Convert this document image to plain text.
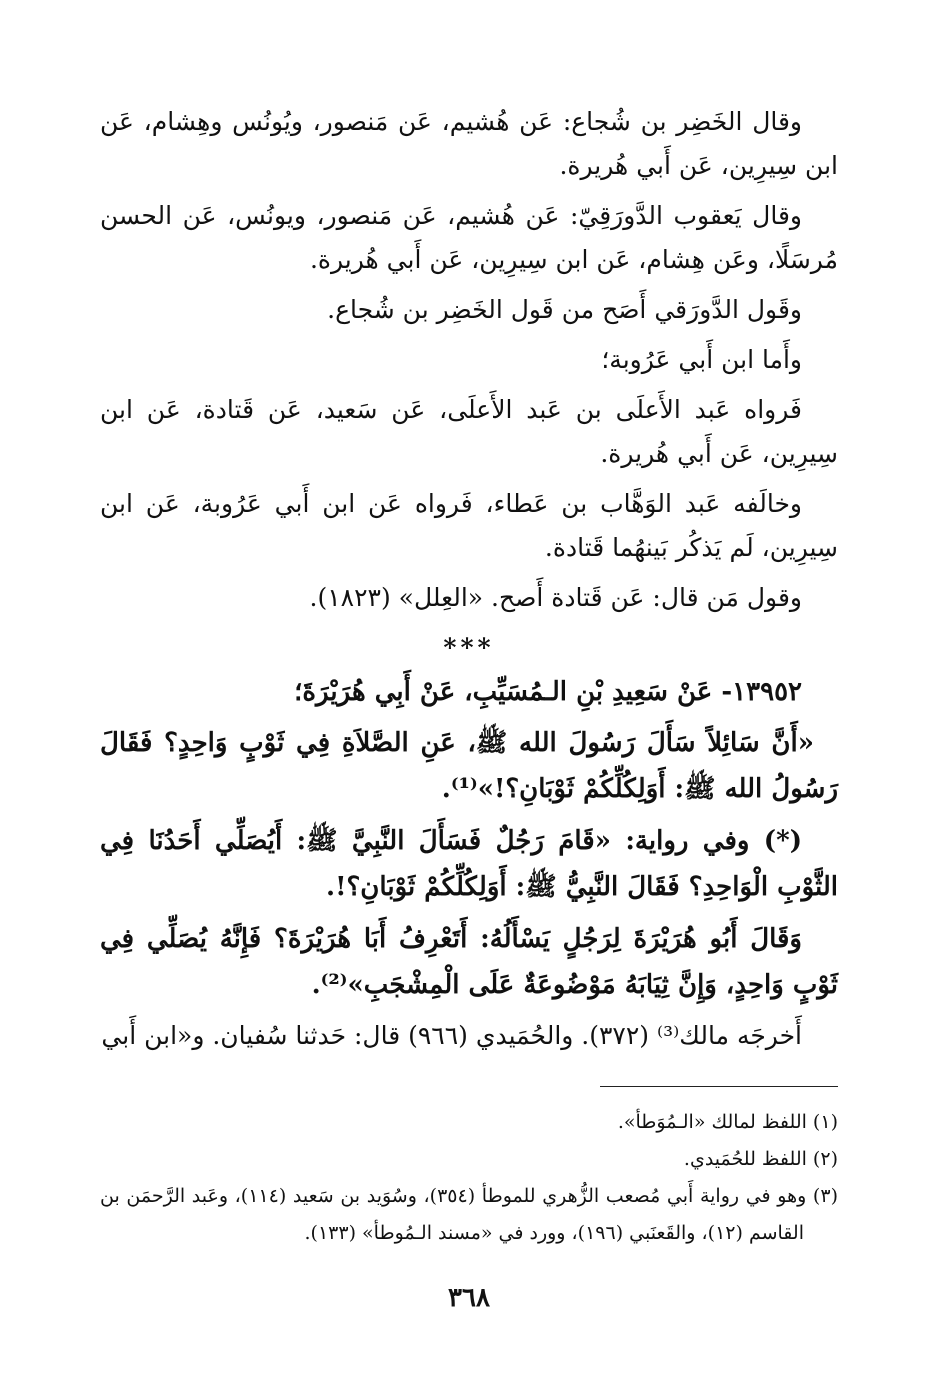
وقال الخَضِر بن شُجاع: عَن هُشيم، عَن مَنصور، ويُونُس وهِشام، عَن ابن سِيرِين، عَن أَبي هُريرة.

وقال يَعقوب الدَّورَقِيّ: عَن هُشيم، عَن مَنصور، ويونُس، عَن الحسن مُرسَلًا، وعَن هِشام، عَن ابن سِيرِين، عَن أَبي هُريرة.

وقَول الدَّورَقي أَصَح من قَول الخَضِر بن شُجاع.

وأَما ابن أَبي عَرُوبة؛

فَرواه عَبد الأَعلَى بن عَبد الأَعلَى، عَن سَعيد، عَن قَتادة، عَن ابن سِيرِين، عَن أَبي هُريرة.

وخالَفه عَبد الوَهَّاب بن عَطاء، فَرواه عَن ابن أَبي عَرُوبة، عَن ابن سِيرِين، لَم يَذكُر بَينهُما قَتادة.

وقول مَن قال: عَن قَتادة أَصح. «العِلل» (١٨٢٣).

***

١٣٩٥٢- عَنْ سَعِيدِ بْنِ الـمُسَيِّبِ، عَنْ أَبِي هُرَيْرَةَ؛

«أَنَّ سَائِلاً سَأَلَ رَسُولَ الله ﷺ، عَنِ الصَّلاَةِ فِي ثَوْبٍ وَاحِدٍ؟ فَقَالَ رَسُولُ الله ﷺ: أَوَلِكُلِّكُمْ ثَوْبَانِ؟!»⁽¹⁾.

(*) وفي رواية: «قَامَ رَجُلٌ فَسَأَلَ النَّبِيَّ ﷺ: أَيُصَلِّي أَحَدُنَا فِي الثَّوْبِ الْوَاحِدِ؟ فَقَالَ النَّبِيُّ ﷺ: أَوَلِكُلِّكُمْ ثَوْبَانِ؟!.

وَقَالَ أَبُو هُرَيْرَةَ لِرَجُلٍ يَسْأَلُهُ: أَتَعْرِفُ أَبَا هُرَيْرَةَ؟ فَإِنَّهُ يُصَلِّي فِي ثَوْبٍ وَاحِدٍ، وَإِنَّ ثِيَابَهُ مَوْضُوعَةٌ عَلَى الْمِشْجَبِ»⁽²⁾.

أَخرجَه مالك⁽³⁾ (٣٧٢). والحُمَيدي (٩٦٦) قال: حَدثنا سُفيان. و«ابن أَبي

(١) اللفظ لمالك «الـمُوَطأ».

(٢) اللفظ للحُمَيدي.

(٣) وهو في رواية أَبي مُصعب الزُّهري للموطأ (٣٥٤)، وسُوَيد بن سَعيد (١١٤)، وعَبد الرَّحمَن بن القاسم (١٢)، والقَعنَبي (١٩٦)، وورد في «مسند الـمُوطأ» (١٣٣).

٣٦٨
